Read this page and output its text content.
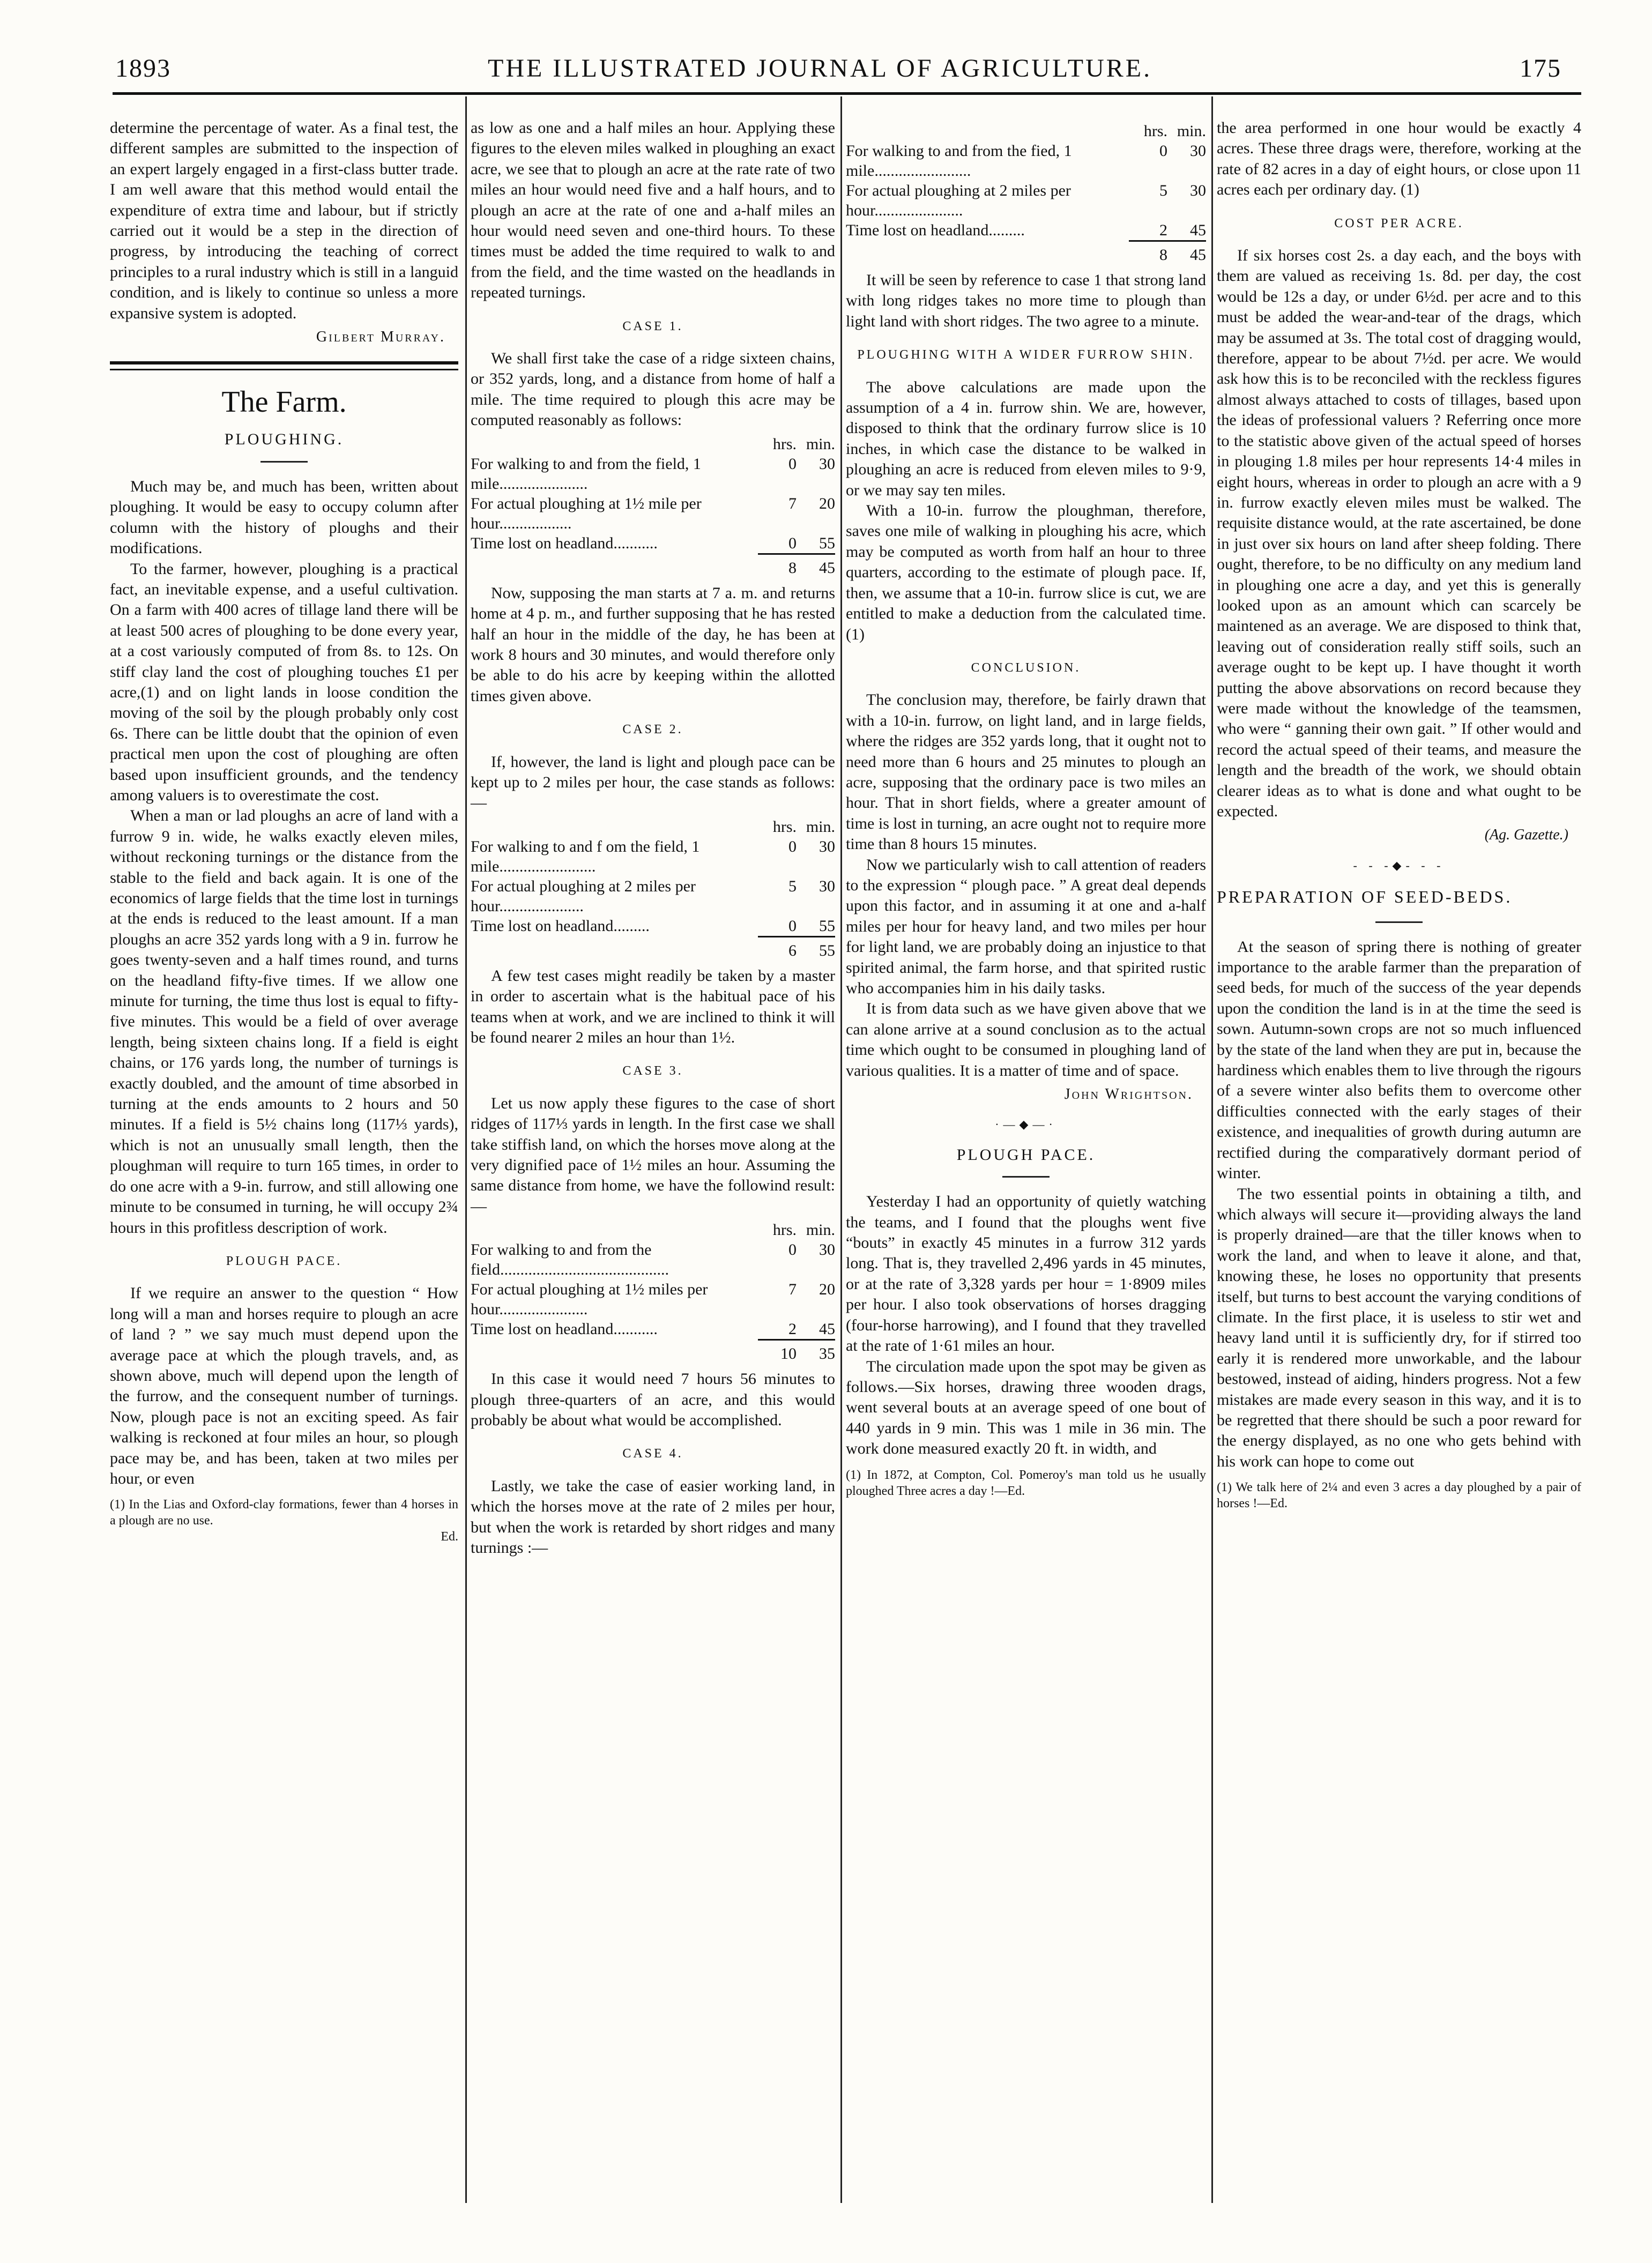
1893	THE ILLUSTRATED JOURNAL OF AGRICULTURE.	175

determine the percentage of water. As a final test, the different samples are submitted to the inspection of an expert largely engaged in a first-class butter trade. I am well aware that this method would entail the expenditure of extra time and labour, but if strictly carried out it would be a step in the direction of progress, by introducing the teaching of correct principles to a rural industry which is still in a languid condition, and is likely to continue so unless a more expansive system is adopted.

Gilbert Murray.

The Farm.
PLOUGHING.

Much may be, and much has been, written about ploughing. It would be easy to occupy column after column with the history of ploughs and their modifications.

To the farmer, however, ploughing is a practical fact, an inevitable expense, and a useful cultivation. On a farm with 400 acres of tillage land there will be at least 500 acres of ploughing to be done every year, at a cost variously computed of from 8s. to 12s. On stiff clay land the cost of ploughing touches £1 per acre,(1) and on light lands in loose condition the moving of the soil by the plough probably only cost 6s. There can be little doubt that the opinion of even practical men upon the cost of ploughing are often based upon insufficient grounds, and the tendency among valuers is to overestimate the cost.

When a man or lad ploughs an acre of land with a furrow 9 in. wide, he walks exactly eleven miles, without reckoning turnings or the distance from the stable to the field and back again. It is one of the economics of large fields that the time lost in turnings at the ends is reduced to the least amount. If a man ploughs an acre 352 yards long with a 9 in. furrow he goes twenty-seven and a half times round, and turns on the headland fifty-five times. If we allow one minute for turning, the time thus lost is equal to fifty-five minutes. This would be a field of over average length, being sixteen chains long. If a field is eight chains, or 176 yards long, the number of turnings is exactly doubled, and the amount of time absorbed in turning at the ends amounts to 2 hours and 50 minutes. If a field is 5½ chains long (117⅓ yards), which is not an unusually small length, then the ploughman will require to turn 165 times, in order to do one acre with a 9-in. furrow, and still allowing one minute to be consumed in turning, he will occupy 2¾ hours in this profitless description of work.

PLOUGH PACE.

If we require an answer to the question “ How long will a man and horses require to plough an acre of land ? ” we say much must depend upon the average pace at which the plough travels, and, as shown above, much will depend upon the length of the furrow, and the consequent number of turnings. Now, plough pace is not an exciting speed. As fair walking is reckoned at four miles an hour, so plough pace may be, and has been, taken at two miles per hour, or even

(1) In the Lias and Oxford-clay formations, fewer than 4 horses in a plough are no use.

Ed.

as low as one and a half miles an hour. Applying these figures to the eleven miles walked in ploughing an exact acre, we see that to plough an acre at the rate rate of two miles an hour would need five and a half hours, and to plough an acre at the rate of one and a-half miles an hour would need seven and one-third hours. To these times must be added the time required to walk to and from the field, and the time wasted on the headlands in repeated turnings.

CASE 1.

We shall first take the case of a ridge sixteen chains, or 352 yards, long, and a distance from home of half a mile. The time required to plough this acre may be computed reasonably as follows:

	hrs.	min.
For walking to and from the field, 1 mile......................	0	30
For actual ploughing at 1½ mile per hour..................	7	20
Time lost on headland...........	0	55
	8	45

Now, supposing the man starts at 7 a. m. and returns home at 4 p. m., and further supposing that he has rested half an hour in the middle of the day, he has been at work 8 hours and 30 minutes, and would therefore only be able to do his acre by keeping within the allotted times given above.

CASE 2.

If, however, the land is light and plough pace can be kept up to 2 miles per hour, the case stands as follows:—

	hrs.	min.
For walking to and f om the field, 1 mile........................	0	30
For actual ploughing at 2 miles per hour.....................	5	30
Time lost on headland.........	0	55
	6	55

A few test cases might readily be taken by a master in order to ascertain what is the habitual pace of his teams when at work, and we are inclined to think it will be found nearer 2 miles an hour than 1½.

CASE 3.

Let us now apply these figures to the case of short ridges of 117⅓ yards in length. In the first case we shall take stiffish land, on which the horses move along at the very dignified pace of 1½ miles an hour. Assuming the same distance from home, we have the followind result:—

	hrs.	min.
For walking to and from the field..........................................	0	30
For actual ploughing at 1½ miles per hour......................	7	20
Time lost on headland...........	2	45
	10	35

In this case it would need 7 hours 56 minutes to plough three-quarters of an acre, and this would probably be about what would be accomplished.

CASE 4.

Lastly, we take the case of easier working land, in which the horses move at the rate of 2 miles per hour, but when the work is retarded by short ridges and many turnings :—

	hrs.	min.
For walking to and from the fied, 1 mile........................	0	30
For actual ploughing at 2 miles per hour......................	5	30
Time lost on headland.........	2	45
	8	45

It will be seen by reference to case 1 that strong land with long ridges takes no more time to plough than light land with short ridges. The two agree to a minute.

PLOUGHING WITH A WIDER FURROW SHIN.

The above calculations are made upon the assumption of a 4 in. furrow shin. We are, however, disposed to think that the ordinary furrow slice is 10 inches, in which case the distance to be walked in ploughing an acre is reduced from eleven miles to 9·9, or we may say ten miles.

With a 10-in. furrow the ploughman, therefore, saves one mile of walking in ploughing his acre, which may be computed as worth from half an hour to three quarters, according to the estimate of plough pace. If, then, we assume that a 10-in. furrow slice is cut, we are entitled to make a deduction from the calculated time.(1)

CONCLUSION.

The conclusion may, therefore, be fairly drawn that with a 10-in. furrow, on light land, and in large fields, where the ridges are 352 yards long, that it ought not to need more than 6 hours and 25 minutes to plough an acre, supposing that the ordinary pace is two miles an hour. That in short fields, where a greater amount of time is lost in turning, an acre ought not to require more time than 8 hours 15 minutes.

Now we particularly wish to call attention of readers to the expression “ plough pace. ” A great deal depends upon this factor, and in assuming it at one and a-half miles per hour for heavy land, and two miles per hour for light land, we are probably doing an injustice to that spirited animal, the farm horse, and that spirited rustic who accompanies him in his daily tasks.

It is from data such as we have given above that we can alone arrive at a sound conclusion as to the actual time which ought to be consumed in ploughing land of various qualities. It is a matter of time and of space.

John Wrightson.

·—◆—·
PLOUGH PACE.

Yesterday I had an opportunity of quietly watching the teams, and I found that the ploughs went five “bouts” in exactly 45 minutes in a furrow 312 yards long. That is, they travelled 2,496 yards in 45 minutes, or at the rate of 3,328 yards per hour = 1·8909 miles per hour. I also took observations of horses dragging (four-horse harrowing), and I found that they travelled at the rate of 1·61 miles an hour.

The circulation made upon the spot may be given as follows.—Six horses, drawing three wooden drags, went several bouts at an average speed of one bout of 440 yards in 9 min. This was 1 mile in 36 min. The work done measured exactly 20 ft. in width, and

(1) In 1872, at Compton, Col. Pomeroy's man told us he usually ploughed Three acres a day !—Ed.

the area performed in one hour would be exactly 4 acres. These three drags were, therefore, working at the rate of 82 acres in a day of eight hours, or close upon 11 acres each per ordinary day. (1)

COST PER ACRE.

If six horses cost 2s. a day each, and the boys with them are valued as receiving 1s. 8d. per day, the cost would be 12s a day, or under 6½d. per acre and to this must be added the wear-and-tear of the drags, which may be assumed at 3s. The total cost of dragging would, therefore, appear to be about 7½d. per acre. We would ask how this is to be reconciled with the reckless figures almost always attached to costs of tillages, based upon the ideas of professional valuers ? Referring once more to the statistic above given of the actual speed of horses in plouging 1.8 miles per hour represents 14·4 miles in eight hours, whereas in order to plough an acre with a 9 in. furrow exactly eleven miles must be walked. The requisite distance would, at the rate ascertained, be done in just over six hours on land after sheep folding. There ought, therefore, to be no difficulty on any medium land in ploughing one acre a day, and yet this is generally looked upon as an amount which can scarcely be maintened as an average. We are disposed to think that, leaving out of consideration really stiff soils, such an average ought to be kept up. I have thought it worth putting the above absorvations on record because they were made without the knowledge of the teamsmen, who were “ ganning their own gait. ” If other would and record the actual speed of their teams, and measure the length and the breadth of the work, we should obtain clearer ideas as to what is done and what ought to be expected.

(Ag. Gazette.)

- - -◆- - -
PREPARATION OF SEED-BEDS.

At the season of spring there is nothing of greater importance to the arable farmer than the preparation of seed beds, for much of the success of the year depends upon the condition the land is in at the time the seed is sown. Autumn-sown crops are not so much influenced by the state of the land when they are put in, because the hardiness which enables them to live through the rigours of a severe winter also befits them to overcome other difficulties connected with the early stages of their existence, and inequalities of growth during autumn are rectified during the comparatively dormant period of winter.

The two essential points in obtaining a tilth, and which always will secure it—providing always the land is properly drained—are that the tiller knows when to work the land, and when to leave it alone, and that, knowing these, he loses no opportunity that presents itself, but turns to best account the varying conditions of climate. In the first place, it is useless to stir wet and heavy land until it is sufficiently dry, for if stirred too early it is rendered more unworkable, and the labour bestowed, instead of aiding, hinders progress. Not a few mistakes are made every season in this way, and it is to be regretted that there should be such a poor reward for the energy displayed, as no one who gets behind with his work can hope to come out

(1) We talk here of 2¼ and even 3 acres a day ploughed by a pair of horses !—Ed.
